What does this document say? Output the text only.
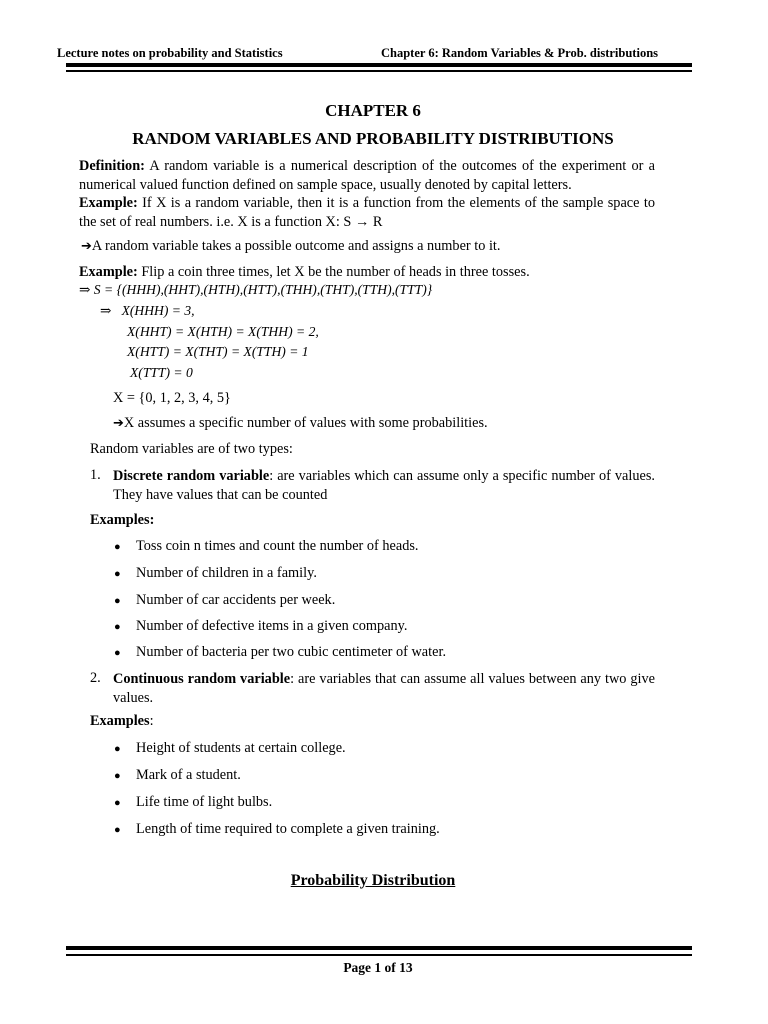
Lecture notes on probability and Statistics	Chapter 6: Random Variables & Prob. distributions
CHAPTER 6
RANDOM VARIABLES AND PROBABILITY DISTRIBUTIONS
Definition: A random variable is a numerical description of the outcomes of the experiment or a numerical valued function defined on sample space, usually denoted by capital letters.
Example: If X is a random variable, then it is a function from the elements of the sample space to the set of real numbers. i.e. X is a function X: S → R
➔A random variable takes a possible outcome and assigns a number to it.
Example: Flip a coin three times, let X be the number of heads in three tosses.
⇒ S = {(HHH),(HHT),(HTH),(HTT),(THH),(THT),(TTH),(TTT)}
⇒ X(HHH) = 3,
X(HHT) = X(HTH) = X(THH) = 2,
X(HTT) = X(THT) = X(TTH) = 1
X(TTT) = 0
X = {0, 1, 2, 3, 4, 5}
➔X assumes a specific number of values with some probabilities.
Random variables are of two types:
1. Discrete random variable: are variables which can assume only a specific number of values. They have values that can be counted
Examples:
● Toss coin n times and count the number of heads.
● Number of children in a family.
● Number of car accidents per week.
● Number of defective items in a given company.
● Number of bacteria per two cubic centimeter of water.
2. Continuous random variable: are variables that can assume all values between any two give values.
Examples:
● Height of students at certain college.
● Mark of a student.
● Life time of light bulbs.
● Length of time required to complete a given training.
Probability Distribution
Page 1 of 13
